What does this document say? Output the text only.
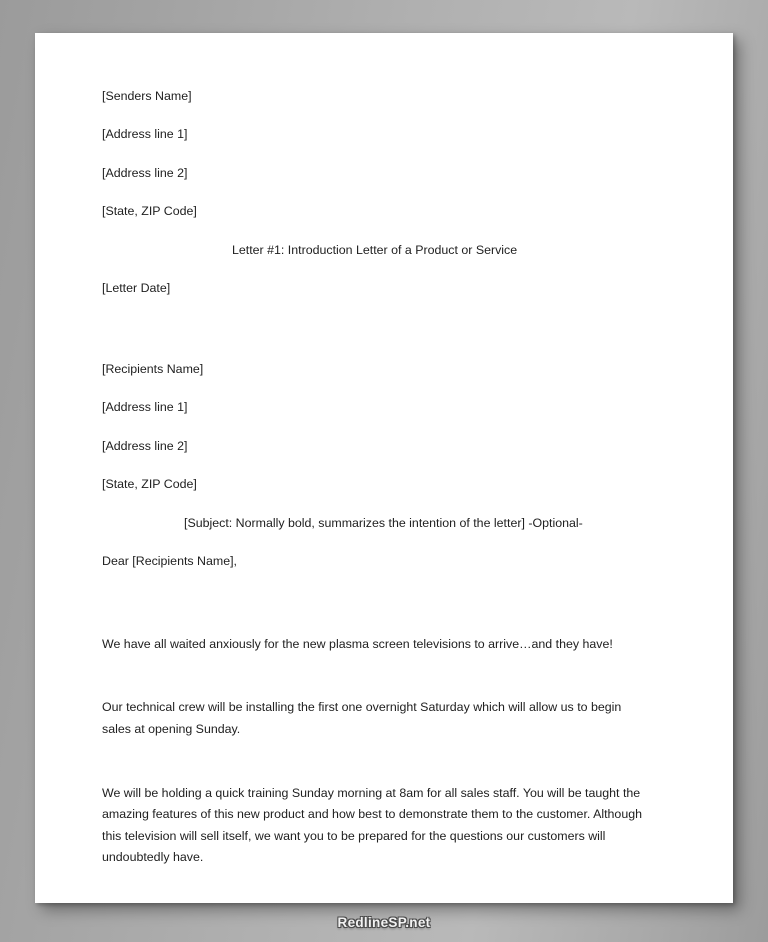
[Senders Name]

[Address line 1]

[Address line 2]

[State, ZIP Code]

Letter #1: Introduction Letter of a Product or Service

[Letter Date]

[Recipients Name]

[Address line 1]

[Address line 2]

[State, ZIP Code]

[Subject: Normally bold, summarizes the intention of the letter] -Optional-

Dear [Recipients Name],

We have all waited anxiously for the new plasma screen televisions to arrive…and they have!

Our technical crew will be installing the first one overnight Saturday which will allow us to begin sales at opening Sunday.

We will be holding a quick training Sunday morning at 8am for all sales staff. You will be taught the amazing features of this new product and how best to demonstrate them to the customer. Although this television will sell itself, we want you to be prepared for the questions our customers will undoubtedly have.

RedlineSP.net
